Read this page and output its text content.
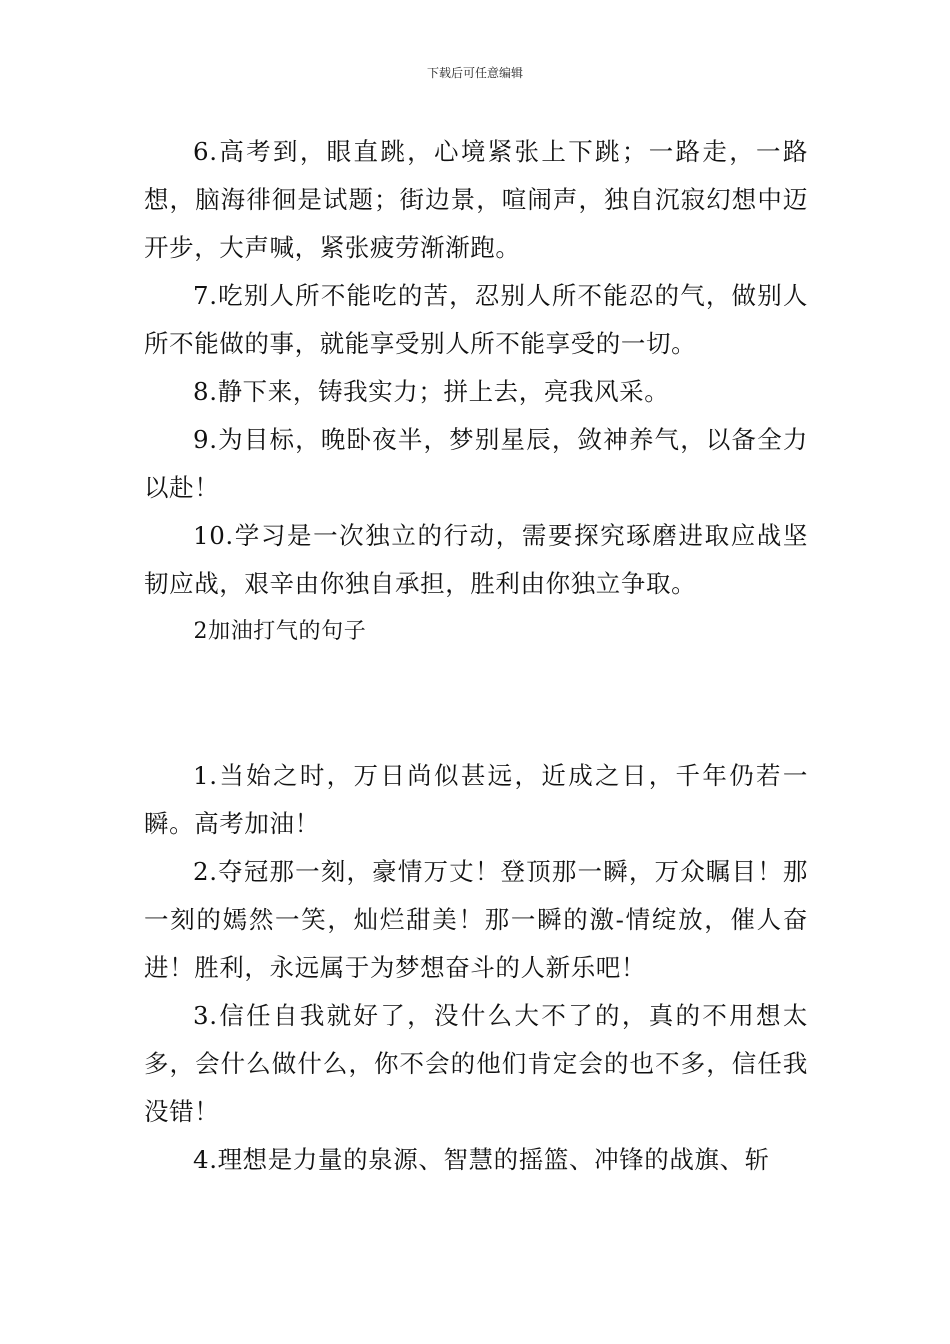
下载后可任意编辑

6.高考到，眼直跳，心境紧张上下跳；一路走，一路想，脑海徘徊是试题；街边景，喧闹声，独自沉寂幻想中迈开步，大声喊，紧张疲劳渐渐跑。

7.吃别人所不能吃的苦，忍别人所不能忍的气，做别人所不能做的事，就能享受别人所不能享受的一切。

8.静下来，铸我实力；拼上去，亮我风采。

9.为目标，晚卧夜半，梦别星辰，敛神养气，以备全力以赴！

10.学习是一次独立的行动，需要探究琢磨进取应战坚韧应战，艰辛由你独自承担，胜利由你独立争取。

2加油打气的句子

1.当始之时，万日尚似甚远，近成之日，千年仍若一瞬。高考加油！

2.夺冠那一刻，豪情万丈！登顶那一瞬，万众瞩目！那一刻的嫣然一笑，灿烂甜美！那一瞬的激-情绽放，催人奋进！胜利，永远属于为梦想奋斗的人新乐吧！

3.信任自我就好了，没什么大不了的，真的不用想太多，会什么做什么，你不会的他们肯定会的也不多，信任我没错！

4.理想是力量的泉源、智慧的摇篮、冲锋的战旗、斩
